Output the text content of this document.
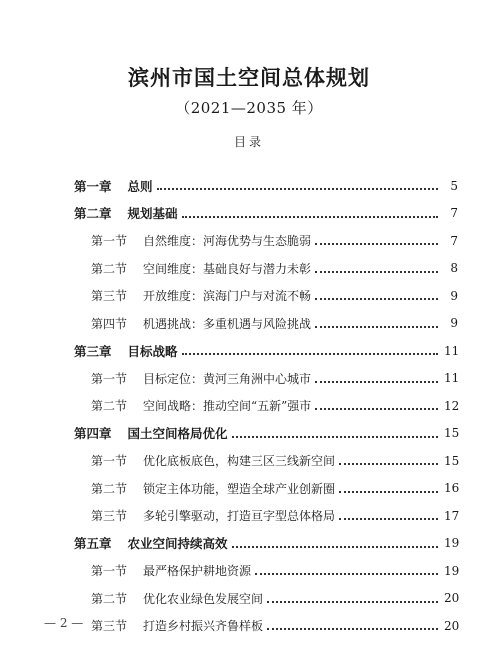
滨州市国土空间总体规划
（2021—2035 年）
目录
第一章 总则	5
第二章 规划基础	7
第一节 自然维度：河海优势与生态脆弱	7
第二节 空间维度：基础良好与潜力未彰	8
第三节 开放维度：滨海门户与对流不畅	9
第四节 机遇挑战：多重机遇与风险挑战	9
第三章 目标战略	11
第一节 目标定位：黄河三角洲中心城市	11
第二节 空间战略：推动空间“五新”强市	12
第四章 国土空间格局优化	15
第一节 优化底板底色，构建三区三线新空间	15
第二节 锁定主体功能，塑造全球产业创新圈	16
第三节 多轮引擎驱动，打造亘字型总体格局	17
第五章 农业空间持续高效	19
第一节 最严格保护耕地资源	19
第二节 优化农业绿色发展空间	20
第三节 打造乡村振兴齐鲁样板	20
— 2 —
